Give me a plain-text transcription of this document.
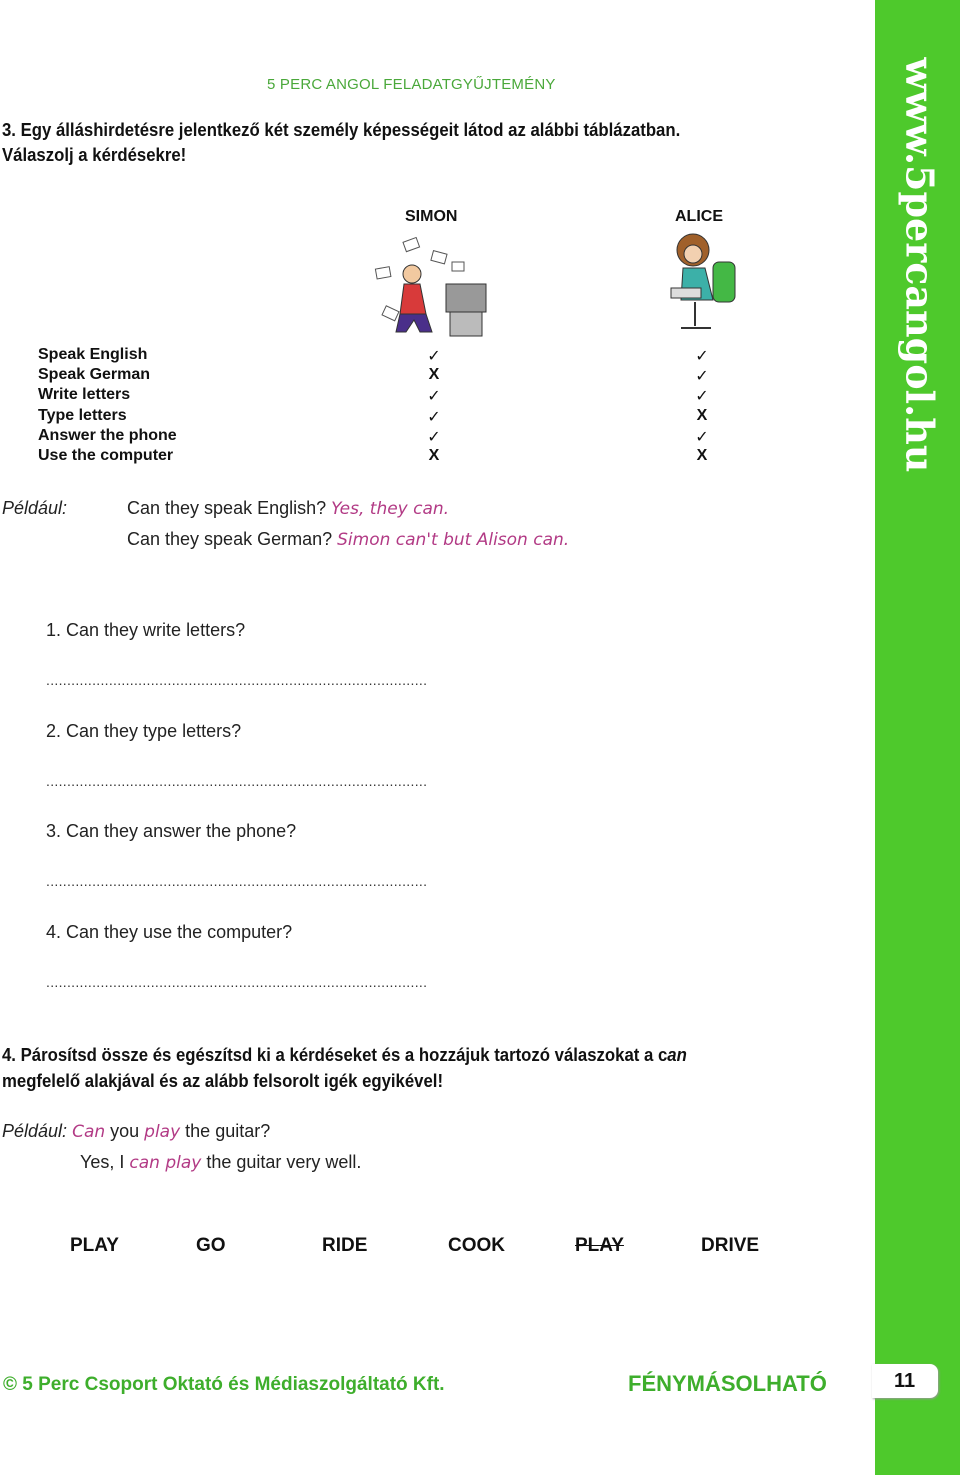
www.5percangol.hu
5 PERC ANGOL FELADATGYŰJTEMÉNY
3. Egy álláshirdetésre jelentkező két személy képességeit látod az alábbi táblázatban.
Válaszolj a kérdésekre!
SIMON	ALICE
Speak English	✓	✓
Speak German	X	✓
Write letters	✓	✓
Type letters	✓	X
Answer the phone	✓	✓
Use the computer	X	X
Például:	Can they speak English? Yes, they can.
Can they speak German? Simon can't but Alison can.
1. Can they write letters?
...........................................................................................
2. Can they type letters?
...........................................................................................
3. Can they answer the phone?
...........................................................................................
4. Can they use the computer?
...........................................................................................
4. Párosítsd össze és egészítsd ki a kérdéseket és a hozzájuk tartozó válaszokat a can
megfelelő alakjával és az alább felsorolt igék egyikével!
Például: Can you play the guitar?
Yes, I can play the guitar very well.
PLAY	GO	RIDE	COOK	PLAY	DRIVE
© 5 Perc Csoport Oktató és Médiaszolgáltató Kft.	FÉNYMÁSOLHATÓ	11
